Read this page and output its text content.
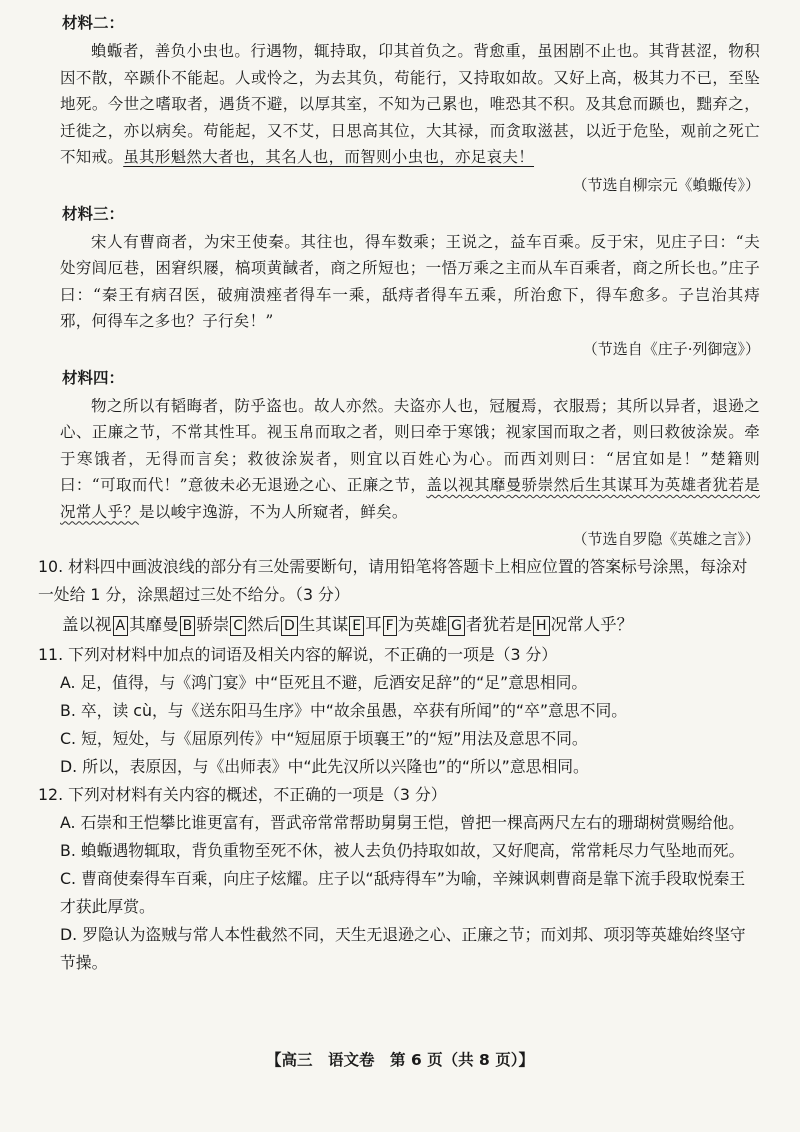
材料二：

蝜蝂者，善负小虫也。行遇物，辄持取，卬其首负之。背愈重，虽困剧不止也。其背甚涩，物积因不散，卒踬仆不能起。人或怜之，为去其负，苟能行，又持取如故。又好上高，极其力不已，至坠地死。今世之嗜取者，遇货不避，以厚其室，不知为己累也，唯恐其不积。及其怠而踬也，黜弃之，迁徙之，亦以病矣。苟能起，又不艾，日思高其位，大其禄，而贪取滋甚，以近于危坠，观前之死亡不知戒。虽其形魁然大者也，其名人也，而智则小虫也，亦足哀夫！

（节选自柳宗元《蝜蝂传》）
材料三：

宋人有曹商者，为宋王使秦。其往也，得车数乘；王说之，益车百乘。反于宋，见庄子曰：“夫处穷闾厄巷，困窘织屦，槁项黄馘者，商之所短也；一悟万乘之主而从车百乘者，商之所长也。”庄子曰：“秦王有病召医，破痈溃痤者得车一乘，舐痔者得车五乘，所治愈下，得车愈多。子岂治其痔邪，何得车之多也？子行矣！”

（节选自《庄子·列御寇》）
材料四：

物之所以有韬晦者，防乎盗也。故人亦然。夫盗亦人也，冠履焉，衣服焉；其所以异者，退逊之心、正廉之节，不常其性耳。视玉帛而取之者，则曰牵于寒饿；视家国而取之者，则曰救彼涂炭。牵于寒饿者，无得而言矣；救彼涂炭者，则宜以百姓心为心。而西刘则曰：“居宜如是！”楚籍则曰：“可取而代！”意彼未必无退逊之心、正廉之节，盖以视其靡曼骄崇然后生其谋耳为英雄者犹若是况常人乎？是以峻宇逸游，不为人所窥者，鲜矣。

（节选自罗隐《英雄之言》）
10. 材料四中画波浪线的部分有三处需要断句，请用铅笔将答题卡上相应位置的答案标号涂黑，每涂对一处给 1 分，涂黑超过三处不给分。（3 分）
盖以视 A 其靡曼 B 骄崇 C 然后 D 生其谋 E 耳 F 为英雄 G 者犹若是 H 况常人乎？
11. 下列对材料中加点的词语及相关内容的解说，不正确的一项是（3 分）
A. 足，值得，与《鸿门宴》中“臣死且不避，卮酒安足辞”的“足”意思相同。
B. 卒，读 cù，与《送东阳马生序》中“故余虽愚，卒获有所闻”的“卒”意思不同。
C. 短，短处，与《屈原列传》中“短屈原于顷襄王”的“短”用法及意思不同。
D. 所以，表原因，与《出师表》中“此先汉所以兴隆也”的“所以”意思相同。
12. 下列对材料有关内容的概述，不正确的一项是（3 分）
A. 石崇和王恺攀比谁更富有，晋武帝常常帮助舅舅王恺，曾把一棵高两尺左右的珊瑚树赏赐给他。
B. 蝜蝂遇物辄取，背负重物至死不休，被人去负仍持取如故，又好爬高，常常耗尽力气坠地而死。
C. 曹商使秦得车百乘，向庄子炫耀。庄子以“舐痔得车”为喻，辛辣讽刺曹商是靠下流手段取悦秦王才获此厚赏。
D. 罗隐认为盗贼与常人本性截然不同，天生无退逊之心、正廉之节；而刘邦、项羽等英雄始终坚守节操。
【高三　语文卷　第 6 页（共 8 页）】
